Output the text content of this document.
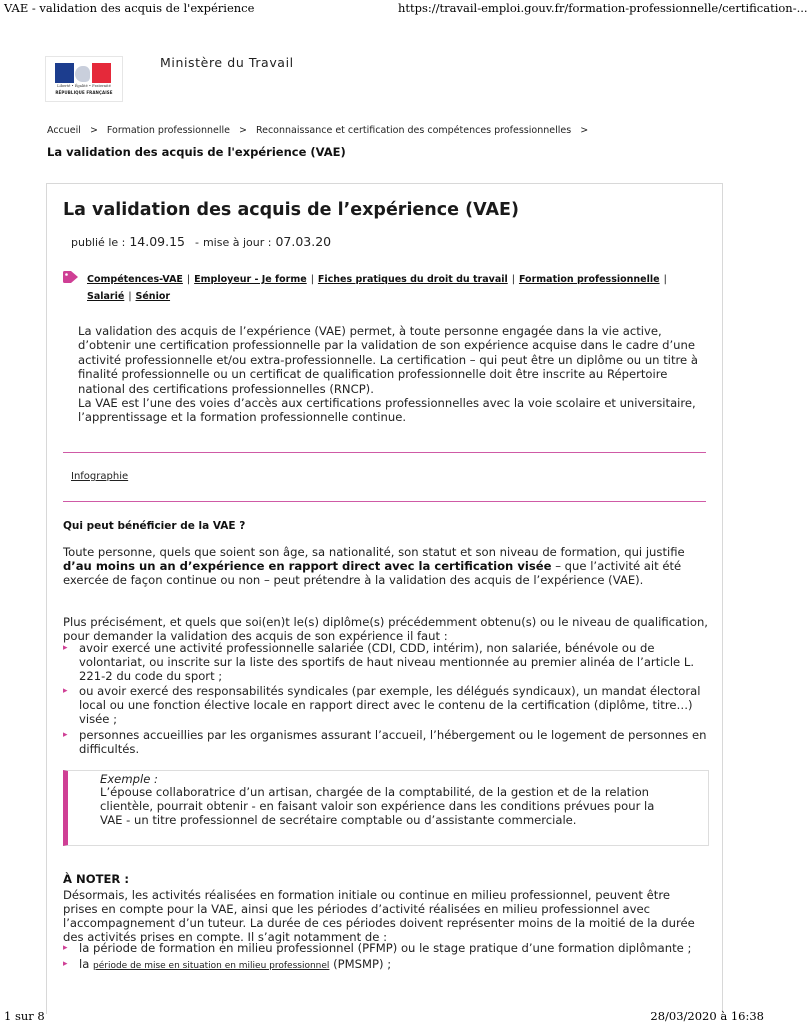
VAE - validation des acquis de l'expérience	https://travail-emploi.gouv.fr/formation-professionnelle/certification-...
Liberté • Égalité • Fraternité
RÉPUBLIQUE FRANÇAISE
Ministère du Travail
Accueil > Formation professionnelle > Reconnaissance et certification des compétences professionnelles >
La validation des acquis de l'expérience (VAE)
La validation des acquis de l’expérience (VAE)
publié le : 14.09.15 - mise à jour : 07.03.20
Compétences-VAE | Employeur - Je forme | Fiches pratiques du droit du travail | Formation professionnelle |
Salarié | Sénior
La validation des acquis de l’expérience (VAE) permet, à toute personne engagée dans la vie active, d’obtenir une certification professionnelle par la validation de son expérience acquise dans le cadre d’une activité professionnelle et/ou extra-professionnelle. La certification – qui peut être un diplôme ou un titre à finalité professionnelle ou un certificat de qualification professionnelle doit être inscrite au Répertoire national des certifications professionnelles (RNCP).
La VAE est l’une des voies d’accès aux certifications professionnelles avec la voie scolaire et universitaire, l’apprentissage et la formation professionnelle continue.
Infographie
Qui peut bénéficier de la VAE ?
Toute personne, quels que soient son âge, sa nationalité, son statut et son niveau de formation, qui justifie d’au moins un an d’expérience en rapport direct avec la certification visée – que l’activité ait été exercée de façon continue ou non – peut prétendre à la validation des acquis de l’expérience (VAE).
Plus précisément, et quels que soi(en)t le(s) diplôme(s) précédemment obtenu(s) ou le niveau de qualification, pour demander la validation des acquis de son expérience il faut :
▸ avoir exercé une activité professionnelle salariée (CDI, CDD, intérim), non salariée, bénévole ou de volontariat, ou inscrite sur la liste des sportifs de haut niveau mentionnée au premier alinéa de l’article L. 221-2 du code du sport ;
▸ ou avoir exercé des responsabilités syndicales (par exemple, les délégués syndicaux), un mandat électoral local ou une fonction élective locale en rapport direct avec le contenu de la certification (diplôme, titre…) visée ;
▸ personnes accueillies par les organismes assurant l’accueil, l’hébergement ou le logement de personnes en difficultés.
Exemple :
L’épouse collaboratrice d’un artisan, chargée de la comptabilité, de la gestion et de la relation clientèle, pourrait obtenir - en faisant valoir son expérience dans les conditions prévues pour la VAE - un titre professionnel de secrétaire comptable ou d’assistante commerciale.
À NOTER :
Désormais, les activités réalisées en formation initiale ou continue en milieu professionnel, peuvent être prises en compte pour la VAE, ainsi que les périodes d’activité réalisées en milieu professionnel avec l’accompagnement d’un tuteur. La durée de ces périodes doivent représenter moins de la moitié de la durée des activités prises en compte. Il s’agit notamment de :
▸ la période de formation en milieu professionnel (PFMP) ou le stage pratique d’une formation diplômante ;
▸ la période de mise en situation en milieu professionnel (PMSMP) ;
1 sur 8	28/03/2020 à 16:38
